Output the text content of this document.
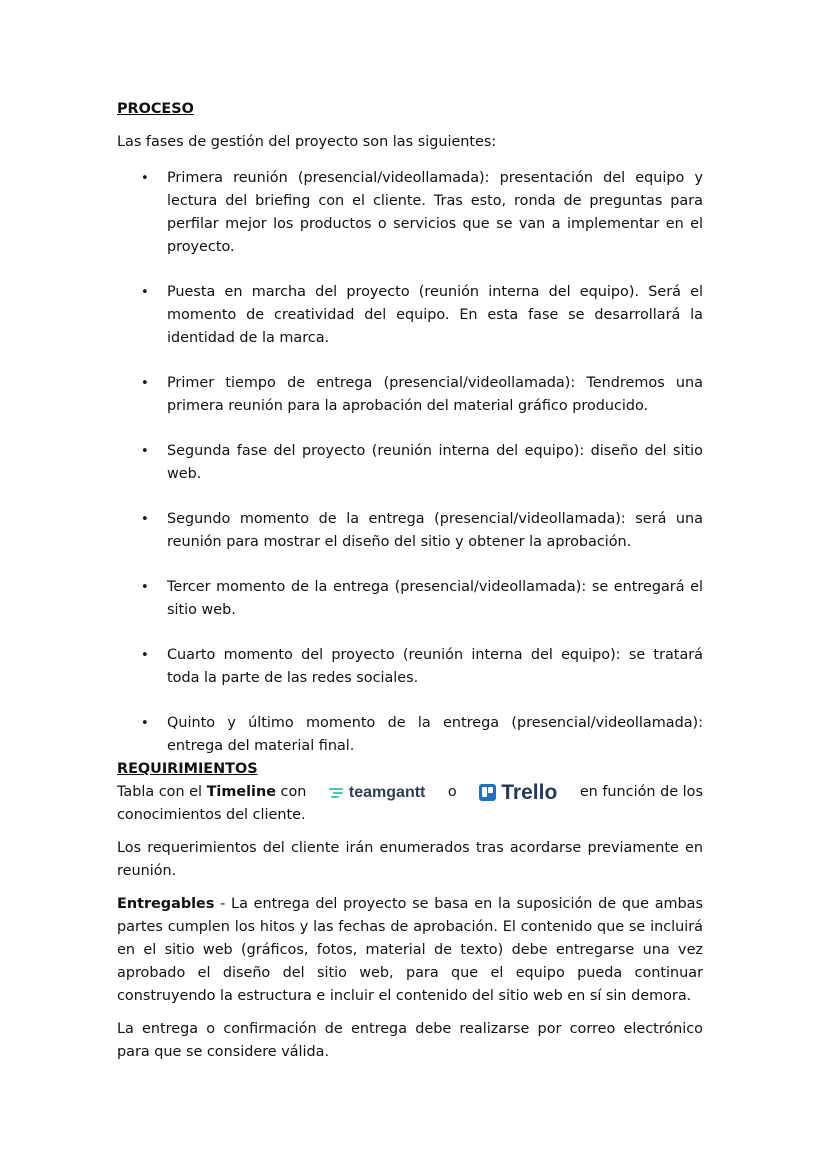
PROCESO

Las fases de gestión del proyecto son las siguientes:

• Primera reunión (presencial/videollamada): presentación del equipo y lectura del briefing con el cliente. Tras esto, ronda de preguntas para perfilar mejor los productos o servicios que se van a implementar en el proyecto.
• Puesta en marcha del proyecto (reunión interna del equipo). Será el momento de creatividad del equipo. En esta fase se desarrollará la identidad de la marca.
• Primer tiempo de entrega (presencial/videollamada): Tendremos una primera reunión para la aprobación del material gráfico producido.
• Segunda fase del proyecto (reunión interna del equipo): diseño del sitio web.
• Segundo momento de la entrega (presencial/videollamada): será una reunión para mostrar el diseño del sitio y obtener la aprobación.
• Tercer momento de la entrega (presencial/videollamada): se entregará el sitio web.
• Cuarto momento del proyecto (reunión interna del equipo): se tratará toda la parte de las redes sociales.
• Quinto y último momento de la entrega (presencial/videollamada): entrega del material final.
REQUIRIMIENTOS
Tabla con el Timeline con	teamgantt o Trello en función de los

conocimientos del cliente.

Los requerimientos del cliente irán enumerados tras acordarse previamente en reunión.

Entregables - La entrega del proyecto se basa en la suposición de que ambas partes cumplen los hitos y las fechas de aprobación. El contenido que se incluirá en el sitio web (gráficos, fotos, material de texto) debe entregarse una vez aprobado el diseño del sitio web, para que el equipo pueda continuar construyendo la estructura e incluir el contenido del sitio web en sí sin demora.

La entrega o confirmación de entrega debe realizarse por correo electrónico para que se considere válida.
